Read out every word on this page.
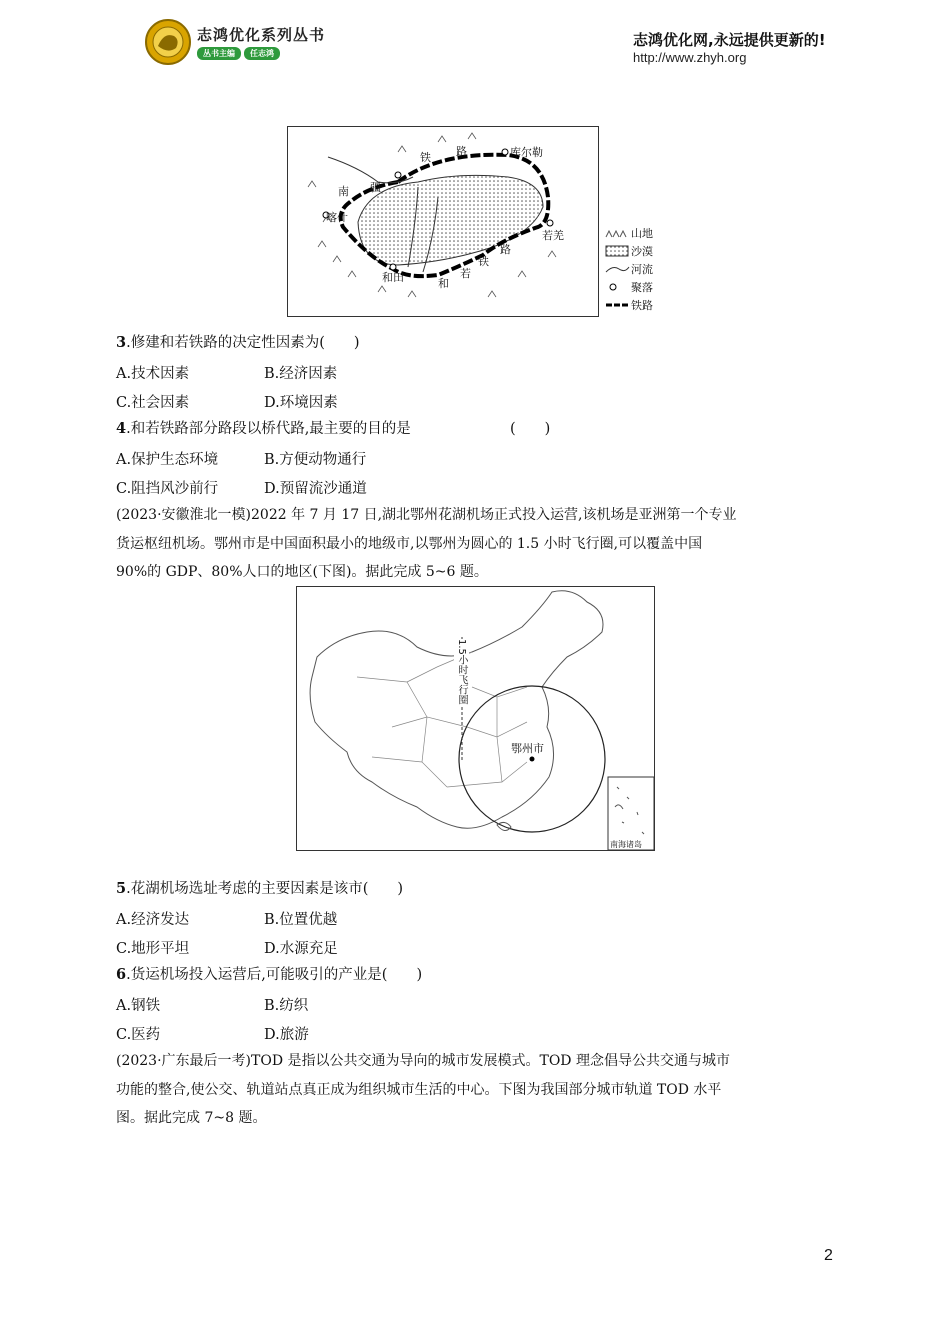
志鸿优化系列丛书
丛书主编	任志鸿
志鸿优化网,永远提供更新的!
http://www.zhyh.org
库尔勒
喀什
和田
若羌
铁 路
南 疆
路
铁
若
和
山地
沙漠
河流
聚落
铁路
3.修建和若铁路的决定性因素为(　　)
A.技术因素	B.经济因素
C.社会因素	D.环境因素
4.和若铁路部分路段以桥代路,最主要的目的是	(　　)
A.保护生态环境	B.方便动物通行
C.阻挡风沙前行	D.预留流沙通道
(2023·安徽淮北一模)2022 年 7 月 17 日,湖北鄂州花湖机场正式投入运营,该机场是亚洲第一个专业
货运枢纽机场。鄂州市是中国面积最小的地级市,以鄂州为圆心的 1.5 小时飞行圈,可以覆盖中国
90%的 GDP、80%人口的地区(下图)。据此完成 5~6 题。
1.5小时飞行圈
鄂州市
南海诸岛
5.花湖机场选址考虑的主要因素是该市(　　)
A.经济发达	B.位置优越
C.地形平坦	D.水源充足
6.货运机场投入运营后,可能吸引的产业是(　　)
A.钢铁	B.纺织
C.医药	D.旅游
(2023·广东最后一考)TOD 是指以公共交通为导向的城市发展模式。TOD 理念倡导公共交通与城市
功能的整合,使公交、轨道站点真正成为组织城市生活的中心。下图为我国部分城市轨道 TOD 水平
图。据此完成 7~8 题。
2
